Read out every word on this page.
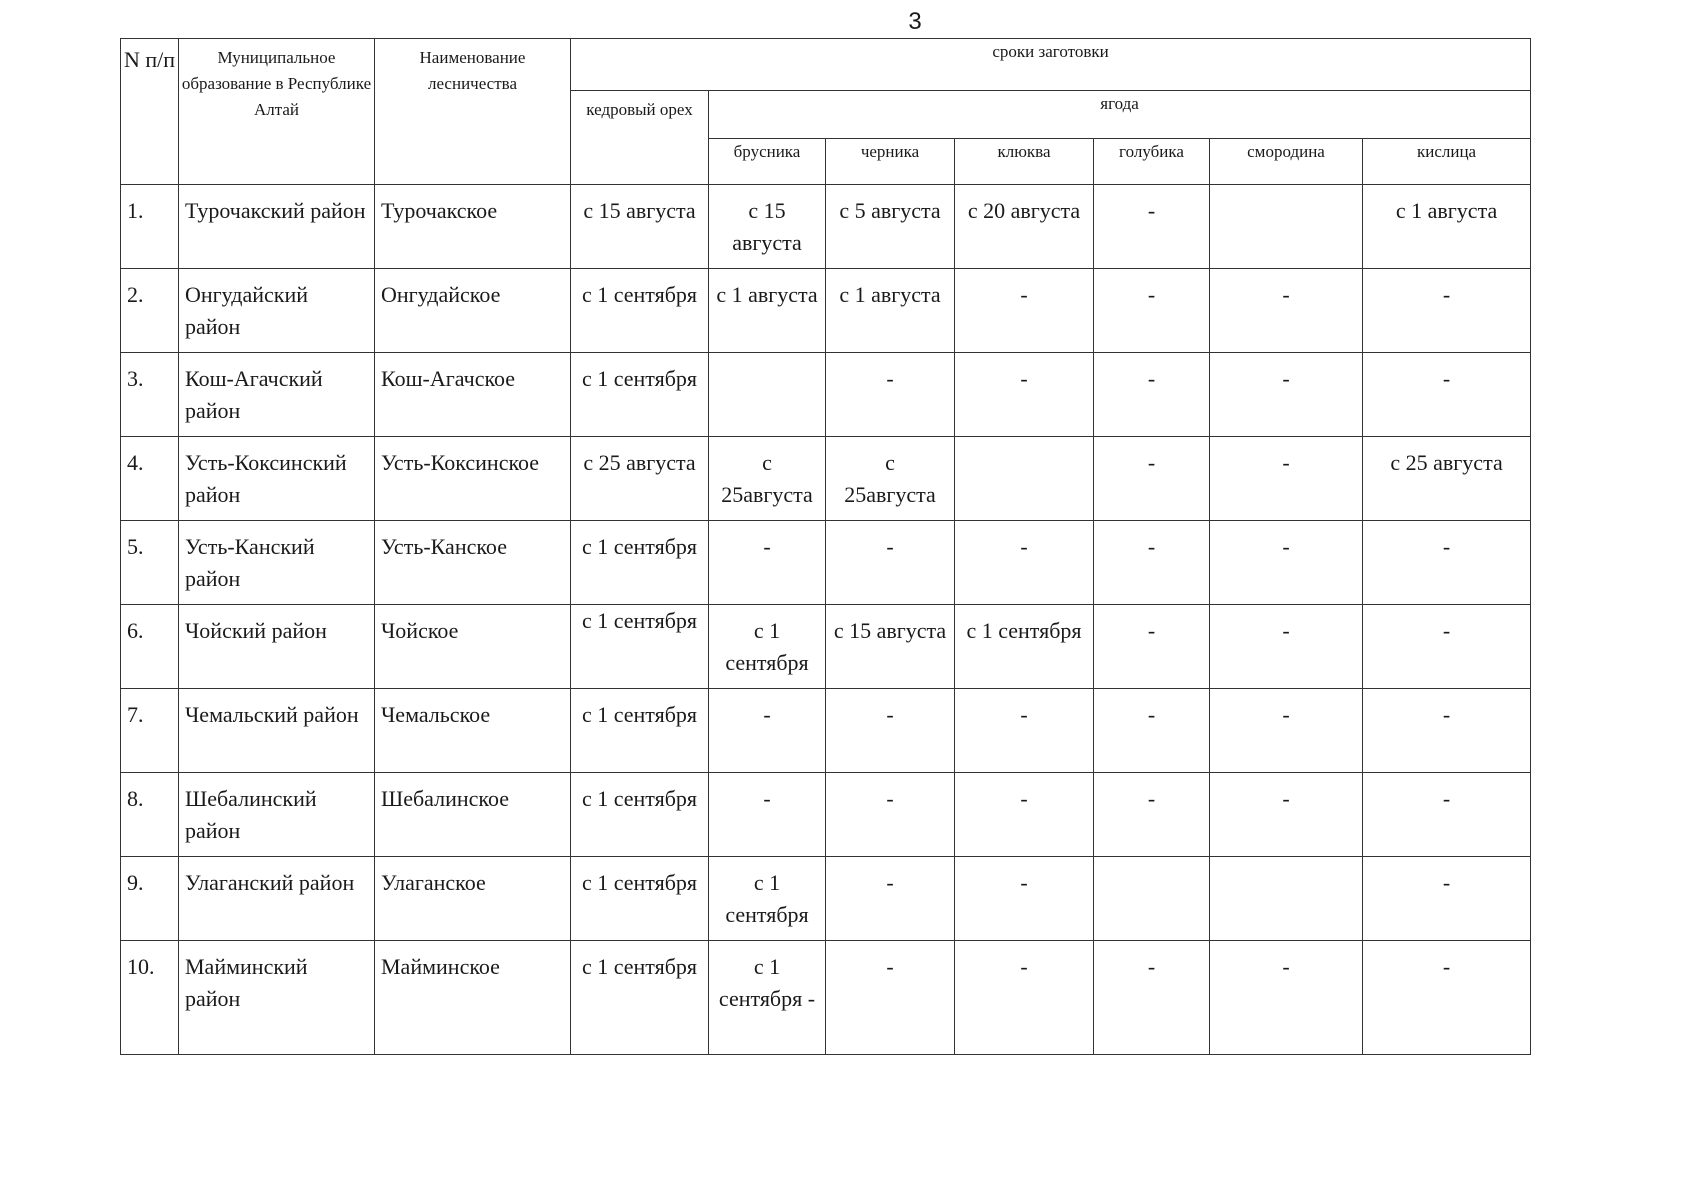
3
N п/п	Муниципальное образование в Республике Алтай	Наименование лесничества	сроки заготовки						
			кедровый орех	ягода					
				брусника	черника	клюква	голубика	смородина	кислица
1.	Турочакский район	Турочакское	с 15 августа	с 15 августа	с 5 августа	с 20 августа	-		с 1 августа
2.	Онгудайский район	Онгудайское	с 1 сентября	с 1 августа	с 1 августа	-	-	-	-
3.	Кош-Агачский район	Кош-Агачское	с 1 сентября		-	-	-	-	-
4.	Усть-Коксинский район	Усть-Коксинское	с 25 августа	с 25августа	с 25августа		-	-	с 25 августа
5.	Усть-Канский район	Усть-Канское	с 1 сентября	-	-	-	-	-	-
6.	Чойский район	Чойское	с 1 сентября	с 1 сентября	с 15 августа	с 1 сентября	-	-	-
7.	Чемальский район	Чемальское	с 1 сентября	-	-	-	-	-	-
8.	Шебалинский район	Шебалинское	с 1 сентября	-	-	-	-	-	-
9.	Улаганский район	Улаганское	с 1 сентября	с 1 сентября	-	-			-
10.	Майминский район	Майминское	с 1 сентября	с 1 сентября -	-	-	-	-	-
